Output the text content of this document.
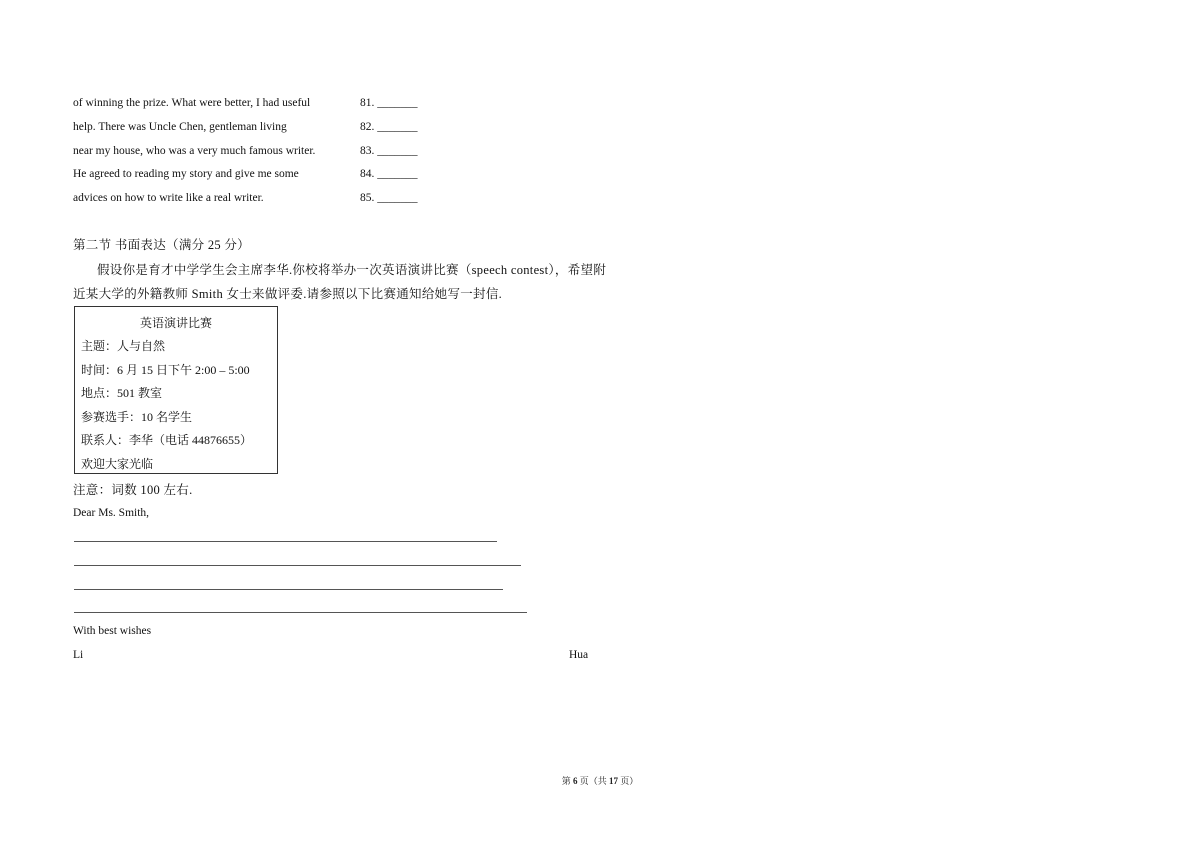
of winning the prize. What were better, I had useful	81. _______
help. There was Uncle Chen, gentleman living	82. _______
near my house, who was a very much famous writer.	83. _______
He agreed to reading my story and give me some	84. _______
advices on how to write like a real writer.	85. _______
第二节 书面表达（满分 25 分）
假设你是育才中学学生会主席李华.你校将举办一次英语演讲比赛（speech contest），希望附
近某大学的外籍教师 Smith 女士来做评委.请参照以下比赛通知给她写一封信.
英语演讲比赛
主题：人与自然
时间：6 月 15 日下午 2:00 – 5:00
地点：501 教室
参赛选手：10 名学生
联系人：李华（电话 44876655）
欢迎大家光临
注意：词数 100 左右.
Dear Ms. Smith,
With best wishes
Li	Hua
第 6 页（共 17 页）
